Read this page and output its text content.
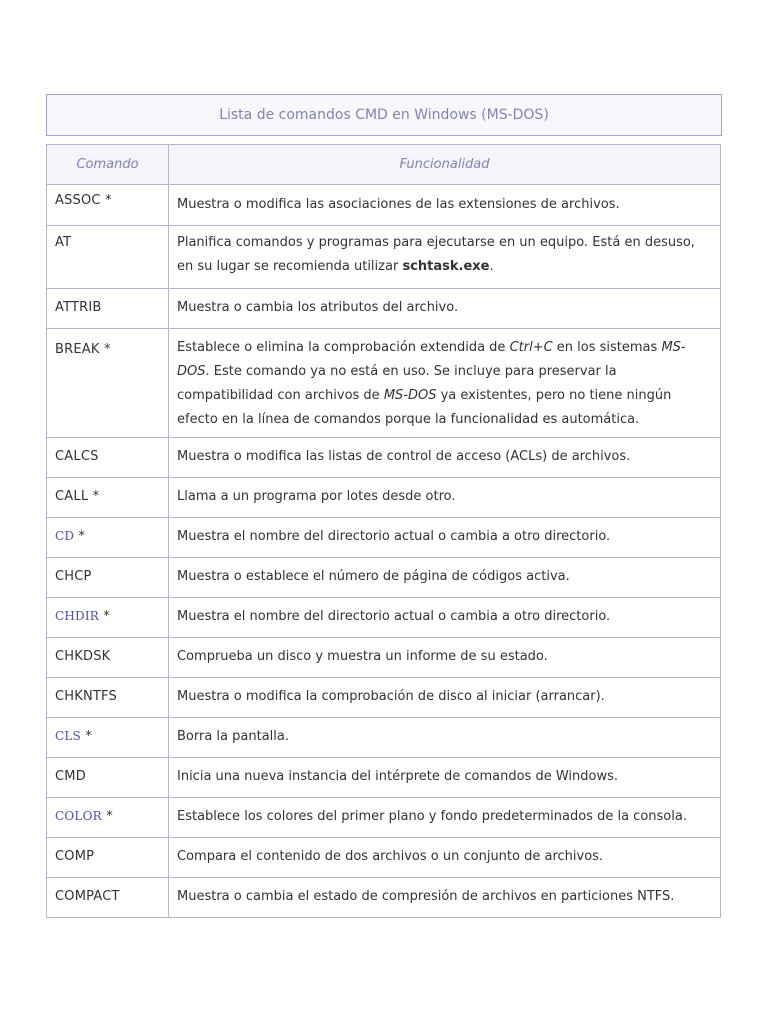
Lista de comandos CMD en Windows (MS-DOS)
Comando	Funcionalidad
ASSOC *	Muestra o modifica las asociaciones de las extensiones de archivos.
AT	Planifica comandos y programas para ejecutarse en un equipo. Está en desuso, en su lugar se recomienda utilizar schtask.exe.
ATTRIB	Muestra o cambia los atributos del archivo.
BREAK *	Establece o elimina la comprobación extendida de Ctrl+C en los sistemas MS-DOS. Este comando ya no está en uso. Se incluye para preservar la compatibilidad con archivos de MS-DOS ya existentes, pero no tiene ningún efecto en la línea de comandos porque la funcionalidad es automática.
CALCS	Muestra o modifica las listas de control de acceso (ACLs) de archivos.
CALL *	Llama a un programa por lotes desde otro.
CD *	Muestra el nombre del directorio actual o cambia a otro directorio.
CHCP	Muestra o establece el número de página de códigos activa.
CHDIR *	Muestra el nombre del directorio actual o cambia a otro directorio.
CHKDSK	Comprueba un disco y muestra un informe de su estado.
CHKNTFS	Muestra o modifica la comprobación de disco al iniciar (arrancar).
CLS *	Borra la pantalla.
CMD	Inicia una nueva instancia del intérprete de comandos de Windows.
COLOR *	Establece los colores del primer plano y fondo predeterminados de la consola.
COMP	Compara el contenido de dos archivos o un conjunto de archivos.
COMPACT	Muestra o cambia el estado de compresión de archivos en particiones NTFS.
